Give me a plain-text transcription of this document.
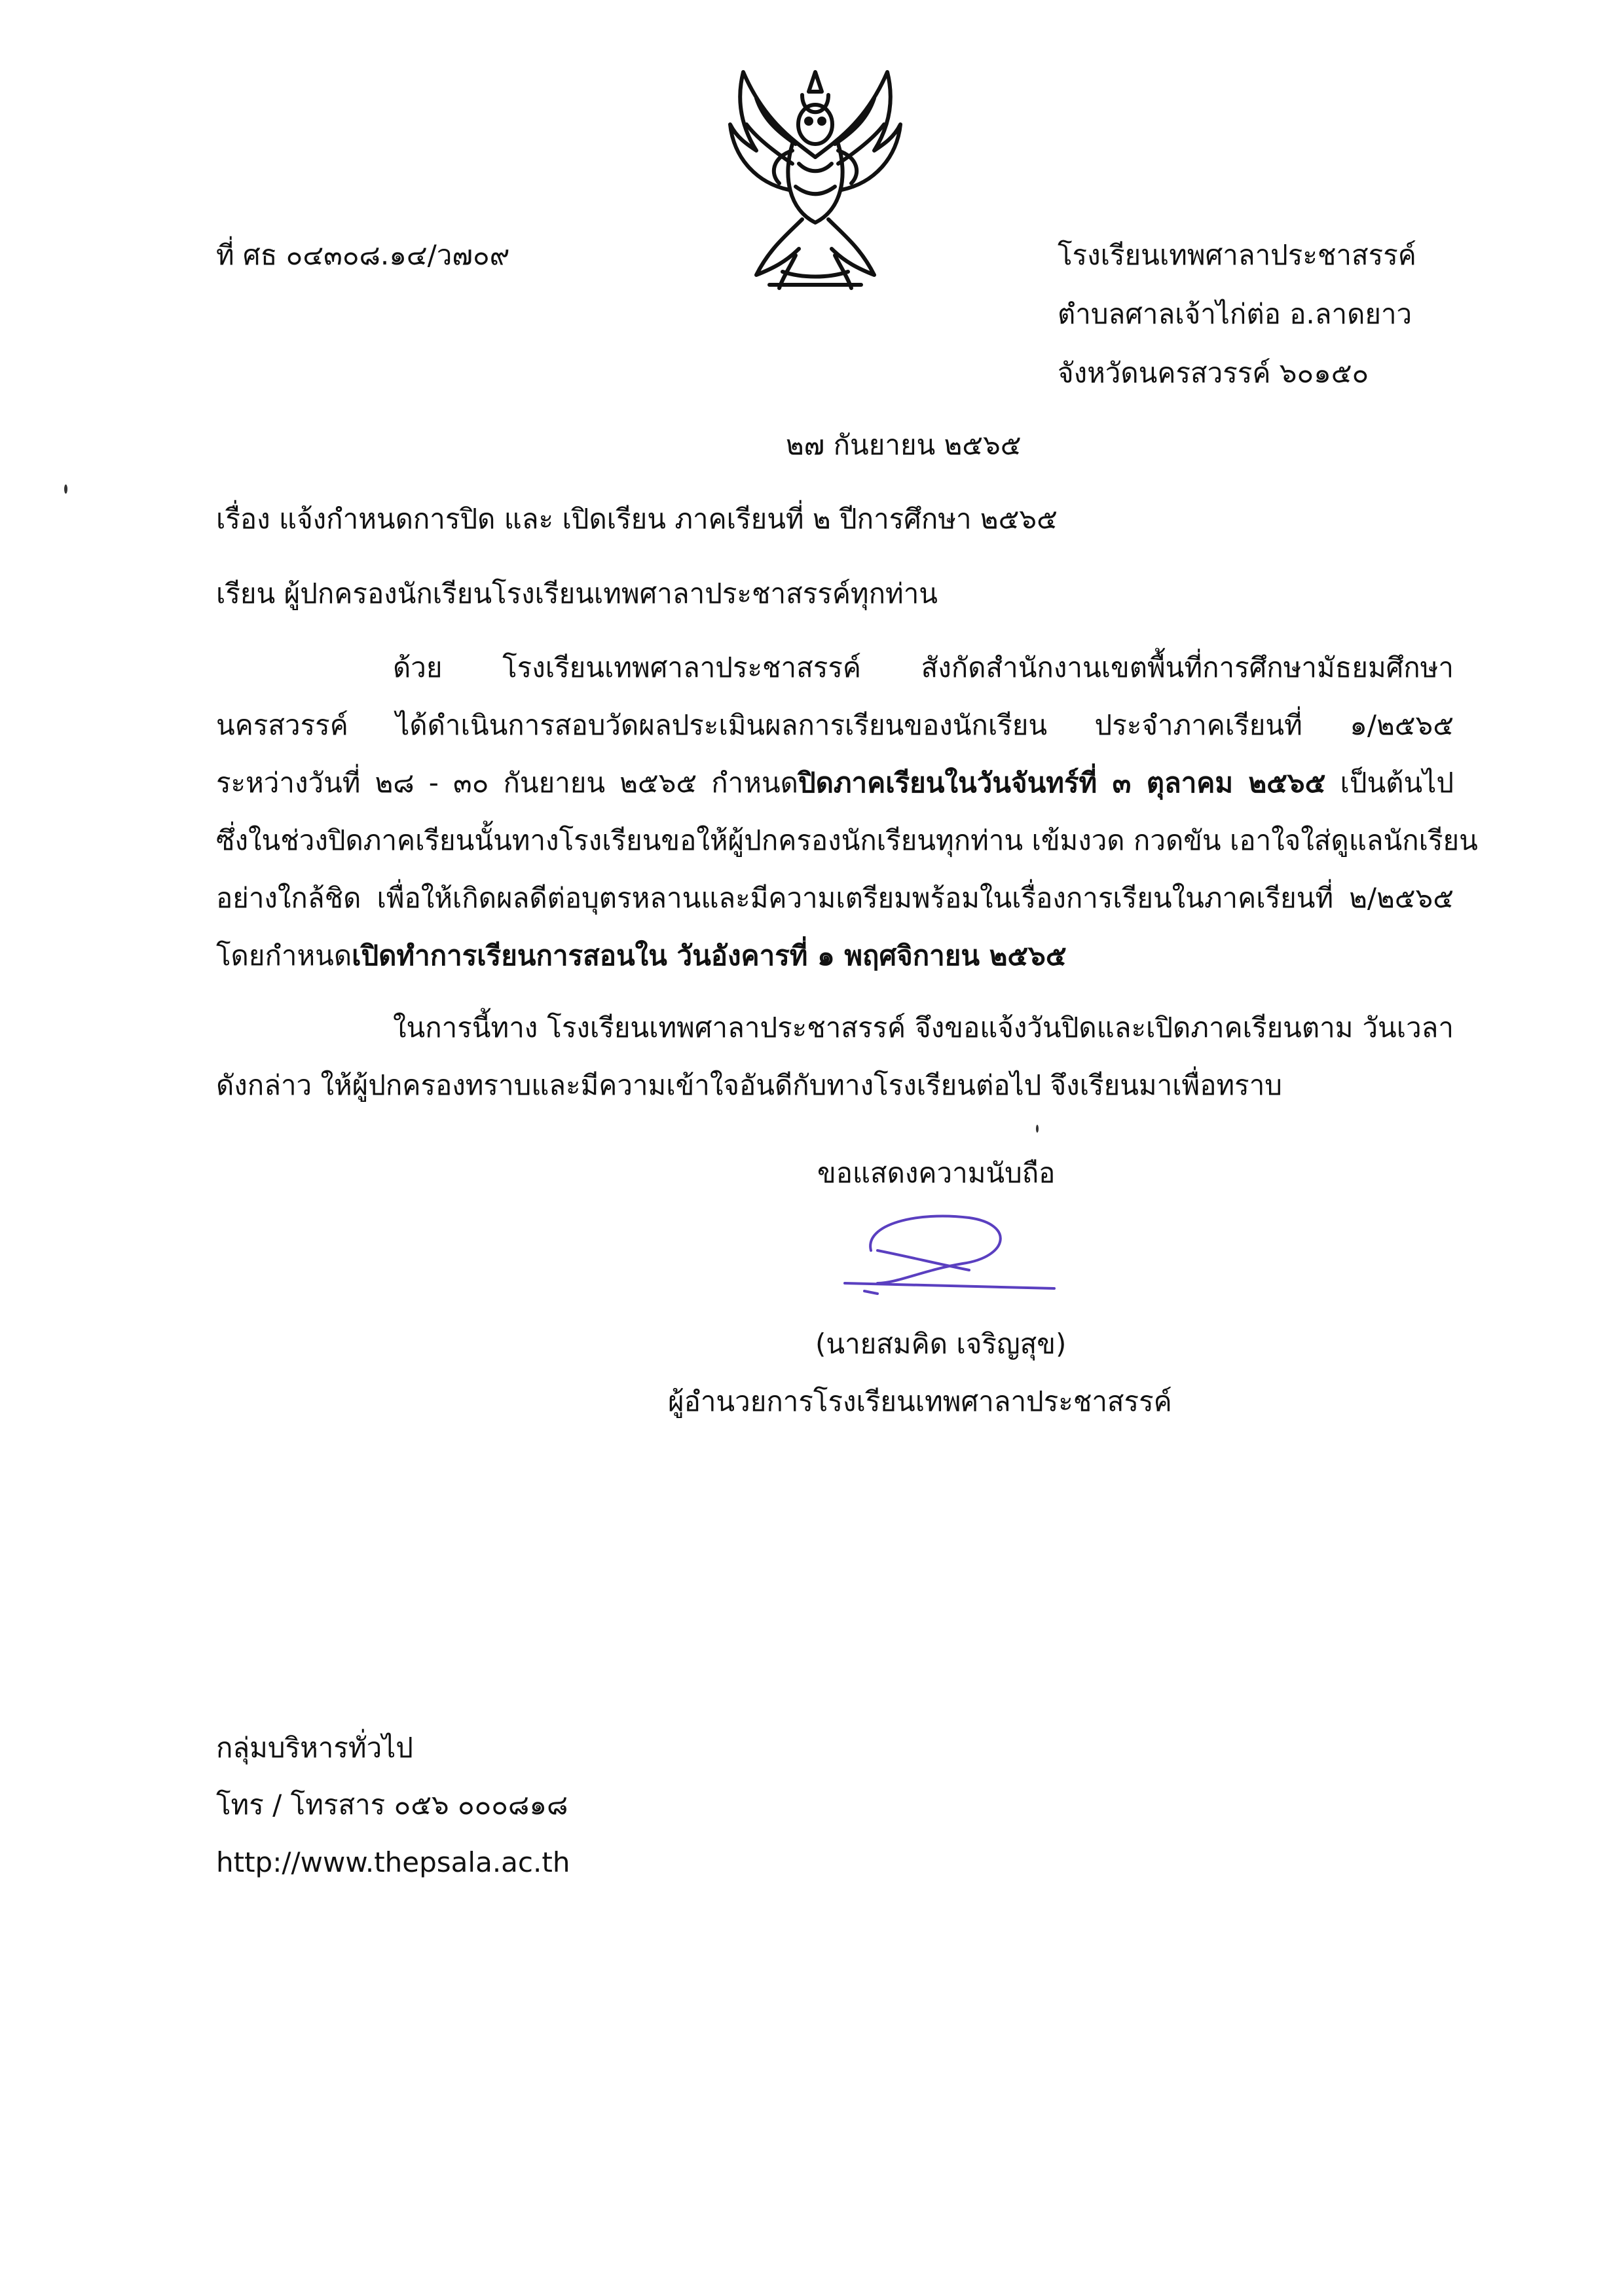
ที่ ศธ ๐๔๓๐๘.๑๔/ว๗๐๙	โรงเรียนเทพศาลาประชาสรรค์
ตำบลศาลเจ้าไก่ต่อ อ.ลาดยาว
จังหวัดนครสวรรค์ ๖๐๑๕๐
๒๗ กันยายน ๒๕๖๕
เรื่อง แจ้งกำหนดการปิด และ เปิดเรียน ภาคเรียนที่ ๒ ปีการศึกษา ๒๕๖๕
เรียน ผู้ปกครองนักเรียนโรงเรียนเทพศาลาประชาสรรค์ทุกท่าน
ด้วย โรงเรียนเทพศาลาประชาสรรค์ สังกัดสำนักงานเขตพื้นที่การศึกษามัธยมศึกษา
นครสวรรค์ ได้ดำเนินการสอบวัดผลประเมินผลการเรียนของนักเรียน ประจำภาคเรียนที่ ๑/๒๕๖๕
ระหว่างวันที่ ๒๘ - ๓๐ กันยายน ๒๕๖๕ กำหนดปิดภาคเรียนในวันจันทร์ที่ ๓ ตุลาคม ๒๕๖๕ เป็นต้นไป
ซึ่งในช่วงปิดภาคเรียนนั้นทางโรงเรียนขอให้ผู้ปกครองนักเรียนทุกท่าน เข้มงวด กวดขัน เอาใจใส่ดูแลนักเรียน
อย่างใกล้ชิด เพื่อให้เกิดผลดีต่อบุตรหลานและมีความเตรียมพร้อมในเรื่องการเรียนในภาคเรียนที่ ๒/๒๕๖๕
โดยกำหนดเปิดทำการเรียนการสอนใน วันอังคารที่ ๑ พฤศจิกายน ๒๕๖๕
ในการนี้ทาง โรงเรียนเทพศาลาประชาสรรค์ จึงขอแจ้งวันปิดและเปิดภาคเรียนตาม วันเวลา
ดังกล่าว ให้ผู้ปกครองทราบและมีความเข้าใจอันดีกับทางโรงเรียนต่อไป จึงเรียนมาเพื่อทราบ
ขอแสดงความนับถือ
(นายสมคิด เจริญสุข)
ผู้อำนวยการโรงเรียนเทพศาลาประชาสรรค์
กลุ่มบริหารทั่วไป
โทร / โทรสาร ๐๕๖ ๐๐๐๘๑๘
http://www.thepsala.ac.th
